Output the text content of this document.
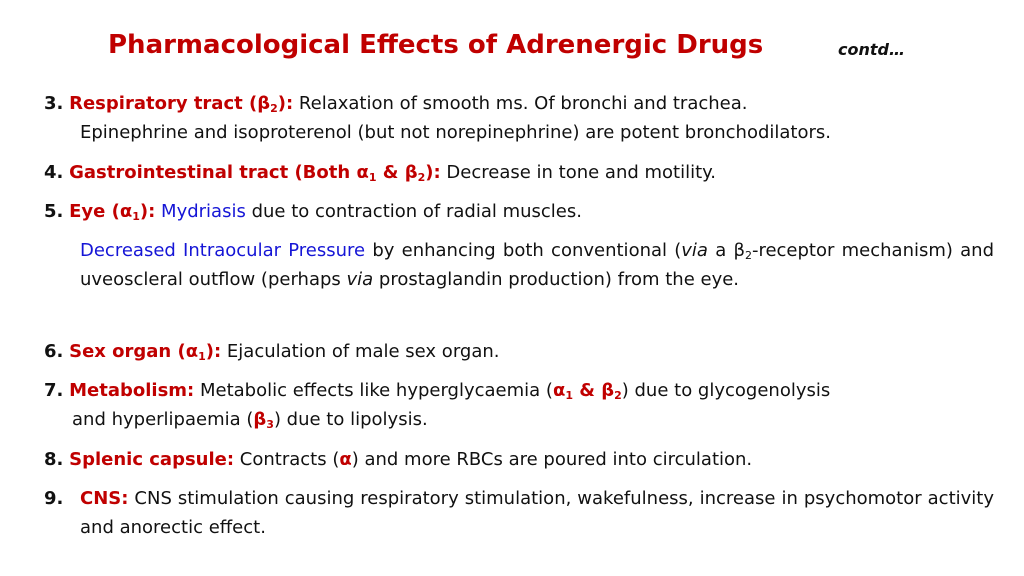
Pharmacological Effects of Adrenergic Drugs	contd…
3. Respiratory tract $(\beta_2)$: Relaxation of smooth ms. Of bronchi and trachea.
Epinephrine and isoproterenol (but not norepinephrine) are potent bronchodilators.
4. Gastrointestinal tract (Both $\alpha_1$ & $\beta_2$): Decrease in tone and motility.
5. Eye $(\alpha_1)$: Mydriasis due to contraction of radial muscles.
Decreased Intraocular Pressure by enhancing both conventional (via a $\beta_2$-receptor mechanism) and uveoscleral outflow (perhaps via prostaglandin production) from the eye.
6. Sex organ $(\alpha_1)$: Ejaculation of male sex organ.
7. Metabolism: Metabolic effects like hyperglycaemia ($\alpha_1$ & $\beta_2$) due to glycogenolysis
and hyperlipaemia $(\beta_3)$ due to lipolysis.
8. Splenic capsule: Contracts (α) and more RBCs are poured into circulation.
9. CNS: CNS stimulation causing respiratory stimulation, wakefulness, increase in psychomotor activity and anorectic effect.
